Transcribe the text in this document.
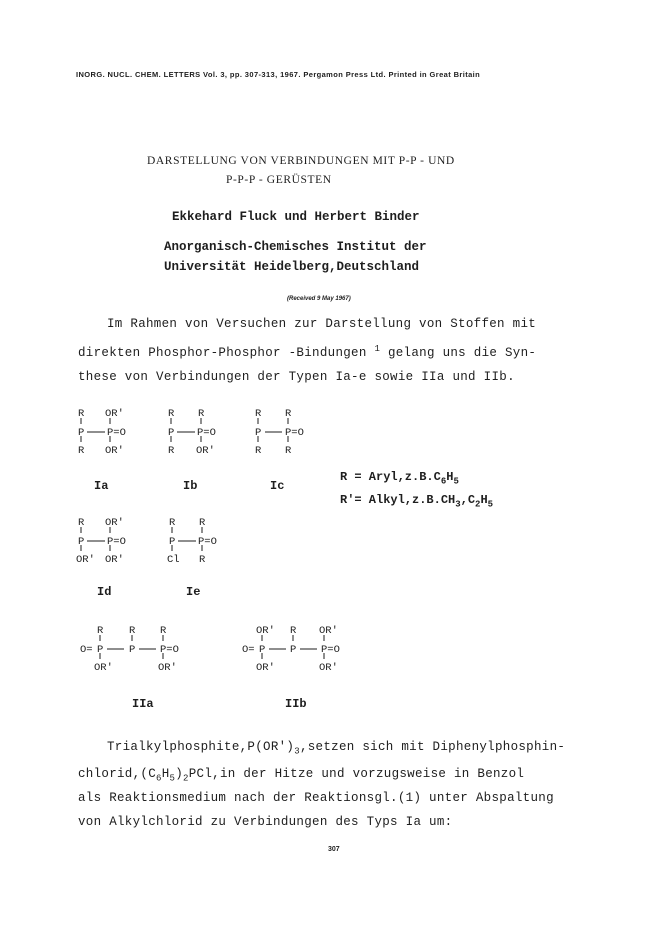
INORG. NUCL. CHEM. LETTERS Vol. 3, pp. 307-313, 1967. Pergamon Press Ltd. Printed in Great Britain
DARSTELLUNG VON VERBINDUNGEN MIT P-P - UND
P-P-P - GERÜSTEN
Ekkehard Fluck und Herbert Binder
Anorganisch-Chemisches Institut der
Universität Heidelberg,Deutschland
(Received 9 May 1967)
Im Rahmen von Versuchen zur Darstellung von Stoffen mit
direkten Phosphor-Phosphor -Bindungen $^1$ gelang uns die Syn-
these von Verbindungen der Typen Ia-e sowie IIa und IIb.
R OR'
P P=O
R OR'
R R
P P=O
R OR'
R R
P P=O
R R
R OR'
P P=O
OR' OR'
R R
P P=O
Cl R
R R R
O= P P P=O
OR'	OR'
OR' R OR'
O= P P P=O
OR'	OR'
Ia	Ib	Ic
Id	Ie
IIa	IIb
$R = Aryl,z.B.C_6H_5$
$R'= Alkyl,z.B.CH_3,C_2H_5$
$Trialkylphosphite,P(OR')_3,setzen$ sich mit Diphenylphosphin-
$chlorid,(C_6H_5)_2PCl,in$ der Hitze und vorzugsweise in Benzol
als Reaktionsmedium nach der Reaktionsgl.(1) unter Abspaltung
von Alkylchlorid zu Verbindungen des Typs Ia um:
307
